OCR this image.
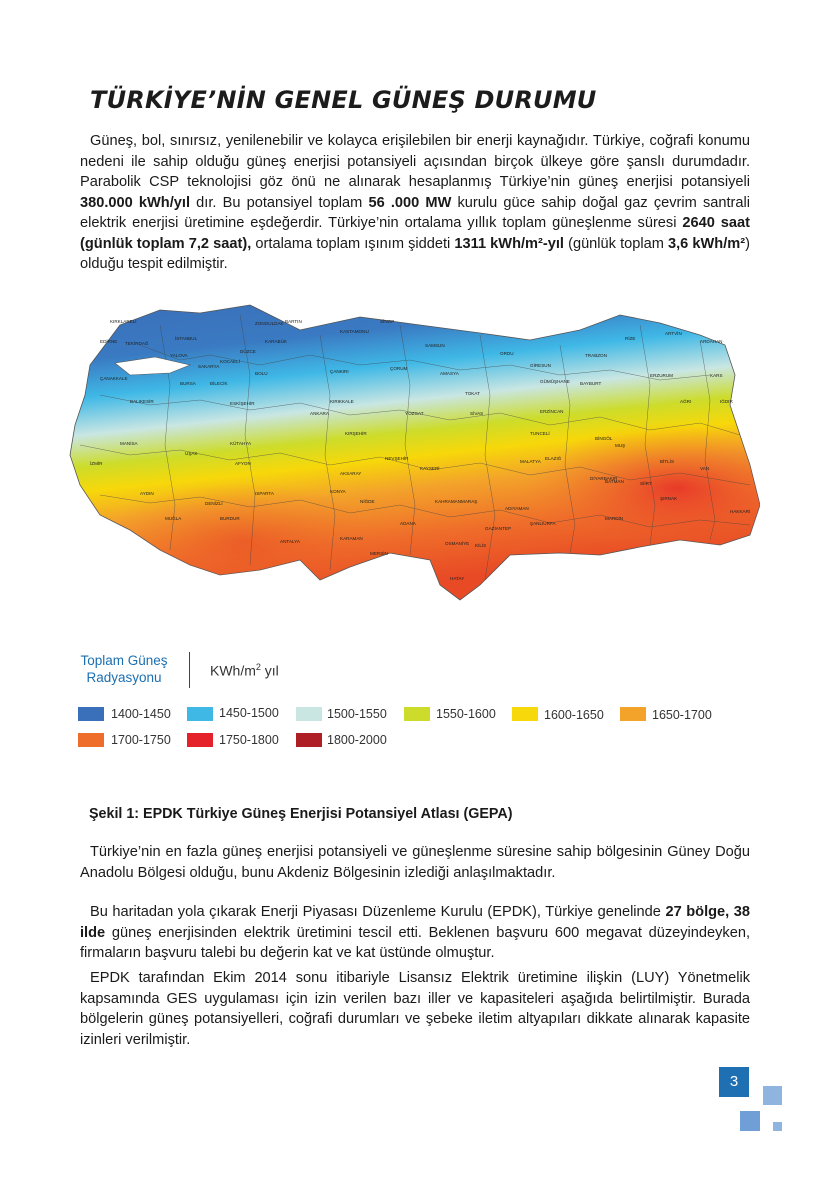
TÜRKİYE’NİN GENEL GÜNEŞ DURUMU

Güneş, bol, sınırsız, yenilenebilir ve kolayca erişilebilen bir enerji kaynağıdır. Türkiye, coğrafi konumu nedeni ile sahip olduğu güneş enerjisi potansiyeli açısından birçok ülkeye göre şanslı durumdadır. Parabolik CSP teknolojisi göz önü ne alınarak hesaplanmış Türkiye’nin güneş enerjisi potansiyeli 380.000 kWh/yıl dır. Bu potansiyel toplam 56 .000 MW kurulu güce sahip doğal gaz çevrim santrali elektrik enerjisi üretimine eşdeğerdir. Türkiye’nin ortalama yıllık toplam güneşlenme süresi 2640 saat (günlük toplam 7,2 saat), ortalama toplam ışınım şiddeti 1311 kWh/m²-yıl (günlük toplam 3,6 kWh/m²) olduğu tespit edilmiştir.

KIRKLARELİ
EDİRNE TEKİRDAĞ
İSTANBUL
KOCAELİ
SAKARYA
ZONGULDAK BARTIN
KASTAMONU
SİNOP
SAMSUN
ORDU
GİRESUN
TRABZON
RİZE
ARTVİN
ARDAHAN
KARS
IĞDIR
AĞRI
ERZURUM
BAYBURT
GÜMÜŞHANE
ERZİNCAN
TUNCELİ
BİNGÖL
MUŞ
BİTLİS
VAN
HAKKARİ
ŞIRNAK
SİİRT
BATMAN
MARDİN
DİYARBAKIR
ŞANLIURFA
ADIYAMAN
MALATYA
ELAZIĞ
GAZİANTEP
KİLİS
HATAY
OSMANİYE
ADANA
MERSİN
KARAMAN
KONYA
ANTALYA
BURDUR
ISPARTA
DENİZLİ
MUĞLA
AYDIN
İZMİR
MANİSA
UŞAK
KÜTAHYA
AFYON
ESKİŞEHİR
BİLECİK
BURSA
BALIKESİR
ÇANAKKALE
YALOVA
BOLU
DÜZCE
KARABÜK
ÇANKIRI
ÇORUM
AMASYA
TOKAT
SİVAS
YOZGAT
KIRIKKALE
ANKARA
KIRŞEHİR
NEVŞEHİR
AKSARAY
NİĞDE
KAYSERİ
KAHRAMANMARAŞ
Toplam Güneş Radyasyonu	KWh/$m^2$ yıl
1400-1450	1450-1500	1500-1550	1550-1600	1600-1650	1650-1700
1700-1750	1750-1800	1800-2000

Şekil 1: EPDK Türkiye Güneş Enerjisi Potansiyel Atlası (GEPA)

Türkiye’nin en fazla güneş enerjisi potansiyeli ve güneşlenme süresine sahip bölgesinin Güney Doğu Anadolu Bölgesi olduğu, bunu Akdeniz Bölgesinin izlediği anlaşılmaktadır.

Bu haritadan yola çıkarak Enerji Piyasası Düzenleme Kurulu (EPDK), Türkiye genelinde 27 bölge, 38 ilde güneş enerjisinden elektrik üretimini tescil etti. Beklenen başvuru 600 megavat düzeyindeyken, firmaların başvuru talebi bu değerin kat ve kat üstünde olmuştur.

EPDK tarafından Ekim 2014 sonu itibariyle Lisansız Elektrik üretimine ilişkin (LUY) Yönetmelik kapsamında GES uygulaması için izin verilen bazı iller ve kapasiteleri aşağıda belirtilmiştir. Burada bölgelerin güneş potansiyelleri, coğrafi durumları ve şebeke iletim altyapıları dikkate alınarak kapasite izinleri verilmiştir.

3
